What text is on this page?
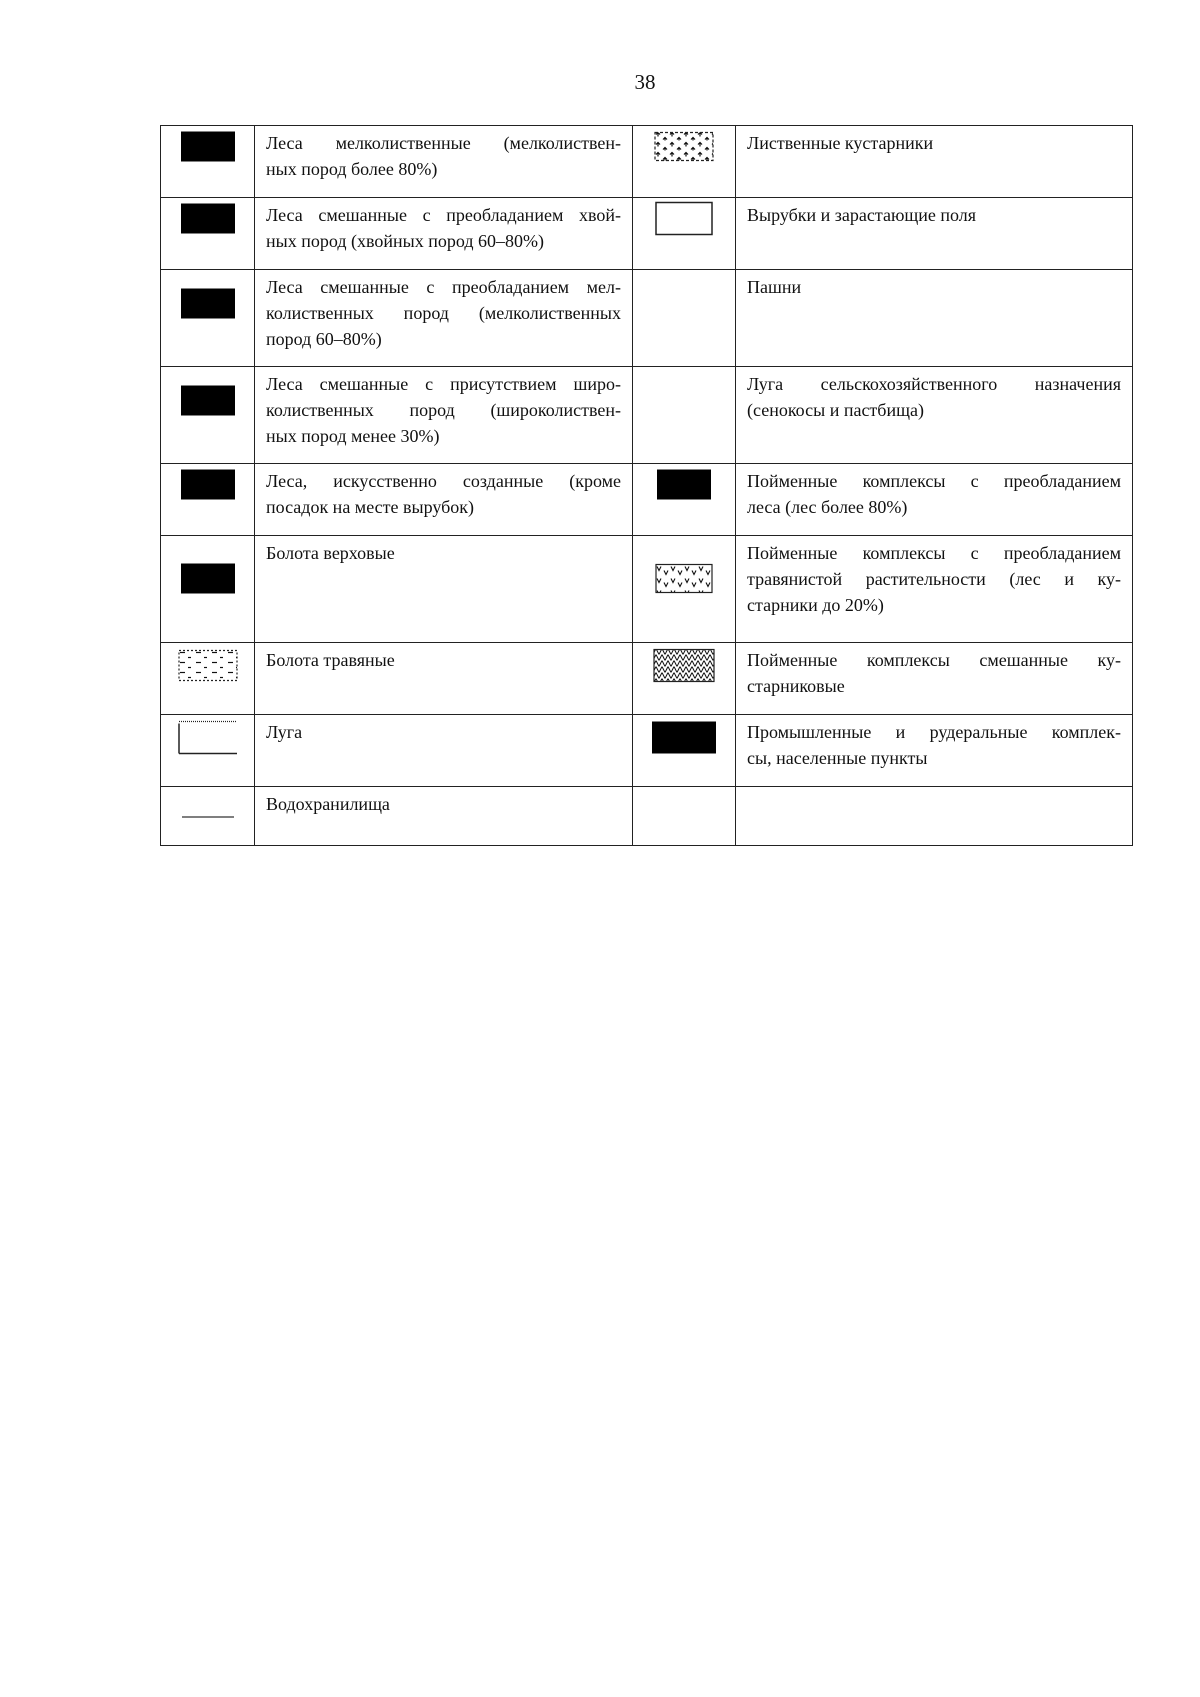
38

Леса мелколиственные (мелколиствен-
ных пород более 80%)		Лиственные кустарники

Леса смешанные с преобладанием хвой-
ных пород (хвойных пород 60–80%)		Вырубки и зарастающие поля

Леса смешанные с преобладанием мел-
колиственных пород (мелколиственных
пород 60–80%)		Пашни

Леса смешанные с присутствием широ-
колиственных пород (широколиствен-
ных пород менее 30%)		Луга сельскохозяйственного назначения
(сенокосы и пастбища)

Леса, искусственно созданные (кроме
посадок на месте вырубок)		Пойменные комплексы с преобладанием
леса (лес более 80%)

Болота верховые		Пойменные комплексы с преобладанием
травянистой растительности (лес и ку-
старники до 20%)

Болота травяные		Пойменные комплексы смешанные ку-
старниковые

Луга		Промышленные и рудеральные комплек-
сы, населенные пункты

Водохранилища		
